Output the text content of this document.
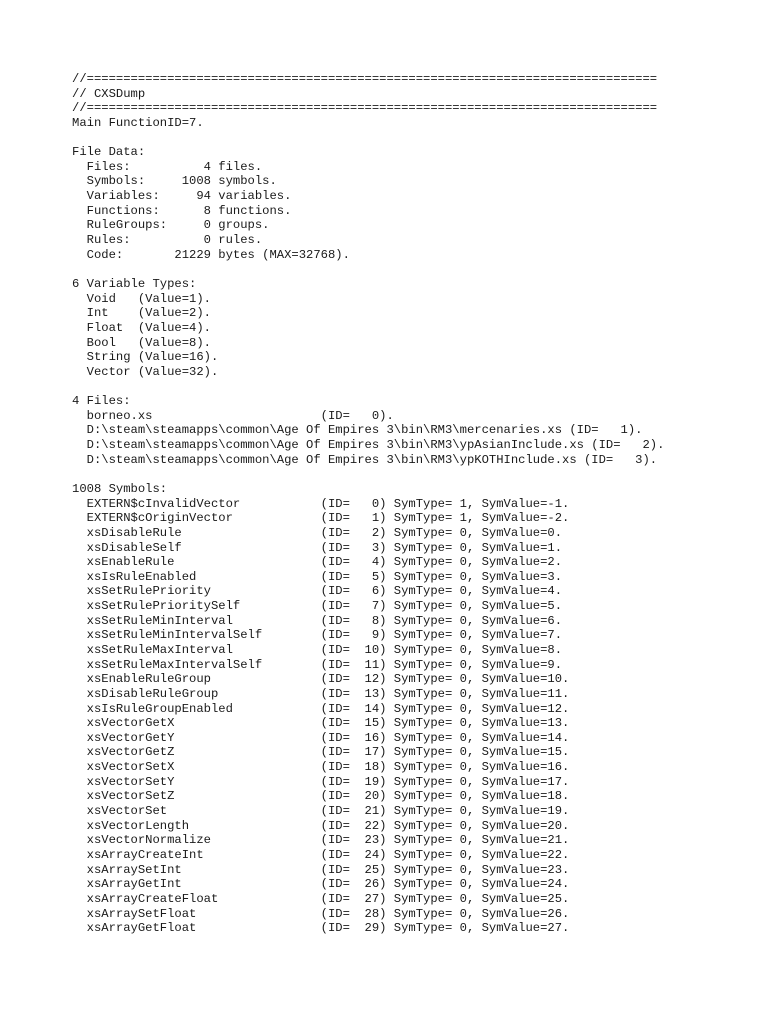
//==============================================================================
// CXSDump
//==============================================================================
Main FunctionID=7.
File Data:
Files:          4 files.
Symbols:     1008 symbols.
Variables:     94 variables.
Functions:      8 functions.
RuleGroups:     0 groups.
Rules:          0 rules.
Code:       21229 bytes (MAX=32768).
6 Variable Types:
Void   (Value=1).
Int    (Value=2).
Float  (Value=4).
Bool   (Value=8).
String (Value=16).
Vector (Value=32).
4 Files:
borneo.xs                       (ID=   0).
D:\steam\steamapps\common\Age Of Empires 3\bin\RM3\mercenaries.xs (ID=   1).
D:\steam\steamapps\common\Age Of Empires 3\bin\RM3\ypAsianInclude.xs (ID=   2).
D:\steam\steamapps\common\Age Of Empires 3\bin\RM3\ypKOTHInclude.xs (ID=   3).
1008 Symbols:
EXTERN$cInvalidVector           (ID=   0) SymType= 1, SymValue=-1.
EXTERN$cOriginVector            (ID=   1) SymType= 1, SymValue=-2.
xsDisableRule                   (ID=   2) SymType= 0, SymValue=0.
xsDisableSelf                   (ID=   3) SymType= 0, SymValue=1.
xsEnableRule                    (ID=   4) SymType= 0, SymValue=2.
xsIsRuleEnabled                 (ID=   5) SymType= 0, SymValue=3.
xsSetRulePriority               (ID=   6) SymType= 0, SymValue=4.
xsSetRulePrioritySelf           (ID=   7) SymType= 0, SymValue=5.
xsSetRuleMinInterval            (ID=   8) SymType= 0, SymValue=6.
xsSetRuleMinIntervalSelf        (ID=   9) SymType= 0, SymValue=7.
xsSetRuleMaxInterval            (ID=  10) SymType= 0, SymValue=8.
xsSetRuleMaxIntervalSelf        (ID=  11) SymType= 0, SymValue=9.
xsEnableRuleGroup               (ID=  12) SymType= 0, SymValue=10.
xsDisableRuleGroup              (ID=  13) SymType= 0, SymValue=11.
xsIsRuleGroupEnabled            (ID=  14) SymType= 0, SymValue=12.
xsVectorGetX                    (ID=  15) SymType= 0, SymValue=13.
xsVectorGetY                    (ID=  16) SymType= 0, SymValue=14.
xsVectorGetZ                    (ID=  17) SymType= 0, SymValue=15.
xsVectorSetX                    (ID=  18) SymType= 0, SymValue=16.
xsVectorSetY                    (ID=  19) SymType= 0, SymValue=17.
xsVectorSetZ                    (ID=  20) SymType= 0, SymValue=18.
xsVectorSet                     (ID=  21) SymType= 0, SymValue=19.
xsVectorLength                  (ID=  22) SymType= 0, SymValue=20.
xsVectorNormalize               (ID=  23) SymType= 0, SymValue=21.
xsArrayCreateInt                (ID=  24) SymType= 0, SymValue=22.
xsArraySetInt                   (ID=  25) SymType= 0, SymValue=23.
xsArrayGetInt                   (ID=  26) SymType= 0, SymValue=24.
xsArrayCreateFloat              (ID=  27) SymType= 0, SymValue=25.
xsArraySetFloat                 (ID=  28) SymType= 0, SymValue=26.
xsArrayGetFloat                 (ID=  29) SymType= 0, SymValue=27.
